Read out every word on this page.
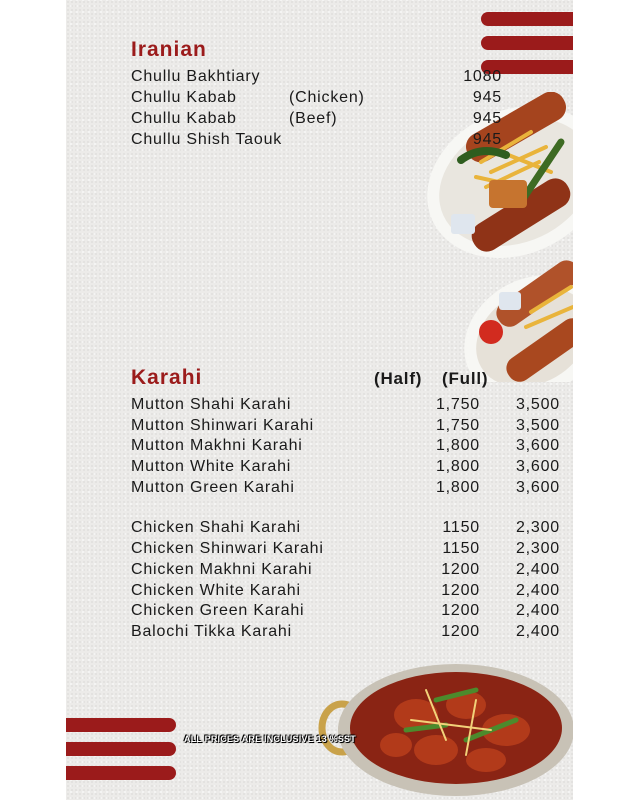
Iranian
Chullu Bakhtiary	1080
Chullu Kabab	(Chicken)	945
Chullu Kabab	(Beef)	945
Chullu Shish Taouk	945
Karahi	(Half) (Full)
Mutton Shahi Karahi	1,750	3,500
Mutton Shinwari Karahi	1,750	3,500
Mutton Makhni Karahi	1,800	3,600
Mutton White Karahi	1,800	3,600
Mutton Green Karahi	1,800	3,600
Chicken Shahi Karahi	1150	2,300
Chicken Shinwari Karahi	1150	2,300
Chicken Makhni Karahi	1200	2,400
Chicken White Karahi	1200	2,400
Chicken Green Karahi	1200	2,400
Balochi Tikka Karahi	1200	2,400
ALL PRICES ARE INCLUSIVE 13 %SST
